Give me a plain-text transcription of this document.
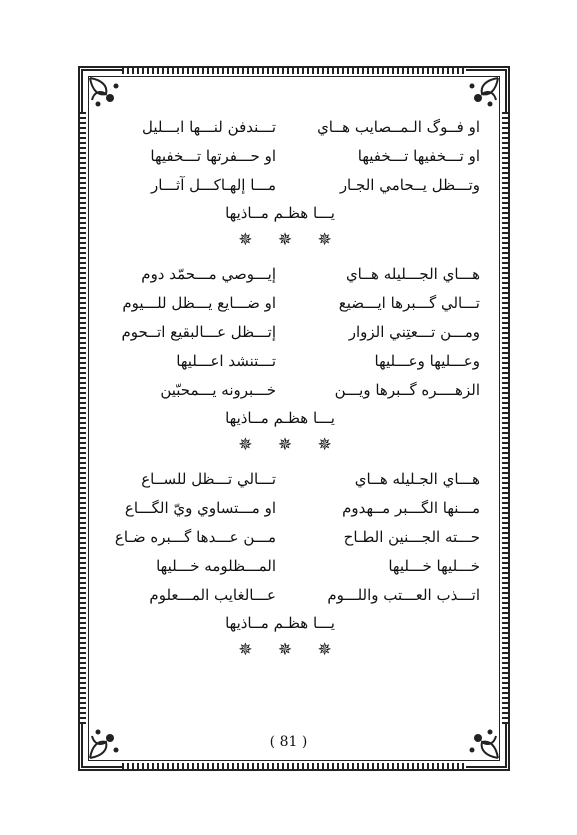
او فــوگ الـمــصايب هــاي
تـــندفن لنـــها ابـــليل
او تـــخفيها تـــخفيها
او حـــفرتها تـــخفيها
وتـــظل يــحامي الجـار
مـــا إلهـاكـــل آثـــار
يـــا هظـم مــاذيها
✵ ✵ ✵
هـــاي الجـــليله هــاي
إيـــوصي مـــحمّد دوم
تـــالي گـــبرها ايـــضيع
او ضـــايع يـــظل للـــيوم
ومـــن تـــعتِني الزوار
إتـــظل عـــالبقيع اتــحوم
وعـــليها وعـــليها
تـــتنشد اعـــليها
الزهــــره گــبرها ويـــن
خـــبرونه يـــمحبّين
يـــا هظـم مــاذيها
✵ ✵ ✵
هـــاي الجـليله هــاي
تـــالي تـــظل للســاع
مـــنها الگـــبر مــهدوم
او مـــتساوي ويّ الگـــاع
حـــته الجـــنين الطـاح
مـــن عـــدها گـــبره ضـاع
خـــليها خـــليها
المـــظلومه خـــليها
اتـــذب العـــتب واللـــوم
عـــالغايب المـــعلوم
يـــا هظـم مــاذيها
✵ ✵ ✵
( 81 )
